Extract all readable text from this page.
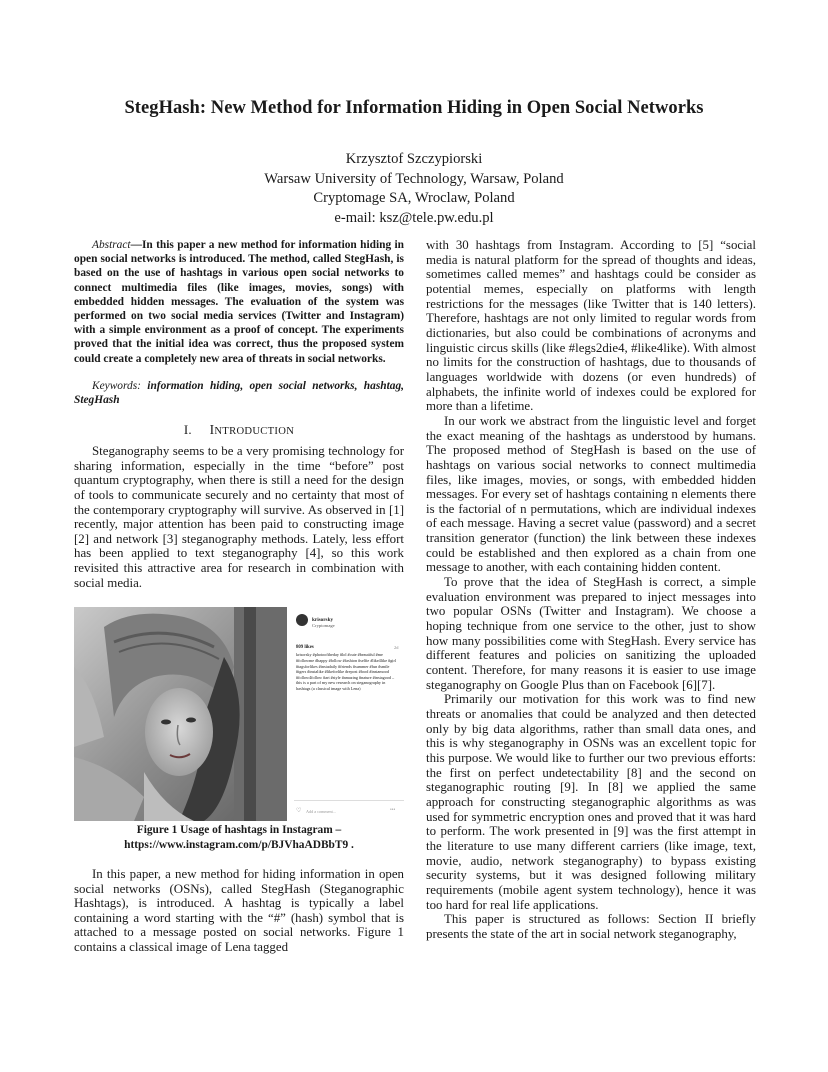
StegHash: New Method for Information Hiding in Open Social Networks
Krzysztof Szczypiorski
Warsaw University of Technology, Warsaw, Poland
Cryptomage SA, Wroclaw, Poland
e-mail: ksz@tele.pw.edu.pl

Abstract—In this paper a new method for information hiding in open social networks is introduced. The method, called StegHash, is based on the use of hashtags in various open social networks to connect multimedia files (like images, movies, songs) with embedded hidden messages. The evaluation of the system was performed on two social media services (Twitter and Instagram) with a simple environment as a proof of concept. The experiments proved that the initial idea was correct, thus the proposed system could create a completely new area of threats in social networks.

Keywords: information hiding, open social networks, hashtag, StegHash

I. INTRODUCTION

Steganography seems to be a very promising technology for sharing information, especially in the time “before” post quantum cryptography, when there is still a need for the design of tools to communicate securely and no certainty that most of the contemporary cryptography will survive. As observed in [1] recently, major attention has been paid to constructing image [2] and network [3] steganography methods. Lately, less effort has been applied to text steganography [4], so this work revisited this attractive area for research in combination with social media.

krisorsky
Cryptomage
809 likes	2d
krisorsky #photooftheday #lol #cute #beautiful #me #followme #happy #follow #fashion #selfie #like4like #girl #tagsforlikes #instadaily #friends #summer #fun #smile #igers #instalike #likeforlike #repost #food #instamood #follow4follow #art #style #amazing #nature #instagood – this is a part of my new research on steganography in hashtags (a classical image with Lena)
♡ Add a comment...	•••
Figure 1 Usage of hashtags in Instagram –
https://www.instagram.com/p/BJVhaADBbT9 .

In this paper, a new method for hiding information in open social networks (OSNs), called StegHash (Steganographic Hashtags), is introduced. A hashtag is typically a label containing a word starting with the “#” (hash) symbol that is attached to a message posted on social networks. Figure 1 contains a classical image of Lena tagged

with 30 hashtags from Instagram. According to [5] “social media is natural platform for the spread of thoughts and ideas, sometimes called memes” and hashtags could be consider as potential memes, especially on platforms with length restrictions for the messages (like Twitter that is 140 letters). Therefore, hashtags are not only limited to regular words from dictionaries, but also could be combinations of acronyms and linguistic circus skills (like #legs2die4, #like4like). With almost no limits for the construction of hashtags, due to thousands of languages worldwide with dozens (or even hundreds) of alphabets, the infinite world of indexes could be explored for more than a lifetime.

In our work we abstract from the linguistic level and forget the exact meaning of the hashtags as understood by humans. The proposed method of StegHash is based on the use of hashtags on various social networks to connect multimedia files, like images, movies, or songs, with embedded hidden messages. For every set of hashtags containing n elements there is the factorial of n permutations, which are individual indexes of each message. Having a secret value (password) and a secret transition generator (function) the link between these indexes could be established and then explored as a chain from one message to another, with each containing hidden content.

To prove that the idea of StegHash is correct, a simple evaluation environment was prepared to inject messages into two popular OSNs (Twitter and Instagram). We choose a hoping technique from one service to the other, just to show how many possibilities come with StegHash. Every service has different features and policies on sanitizing the uploaded content. Therefore, for many reasons it is easier to use image steganography on Google Plus than on Facebook [6][7].

Primarily our motivation for this work was to find new threats or anomalies that could be analyzed and then detected only by big data algorithms, rather than small data ones, and this is why steganography in OSNs was an excellent topic for this purpose. We would like to further our two previous efforts: the first on perfect undetectability [8] and the second on steganographic routing [9]. In [8] we applied the same approach for constructing steganographic algorithms as was used for symmetric encryption ones and proved that it was hard to perform. The work presented in [9] was the first attempt in the literature to use many different carriers (like image, text, movie, audio, network steganography) to bypass existing security systems, but it was designed following military requirements (mobile agent system technology), hence it was too hard for real life applications.

This paper is structured as follows: Section II briefly presents the state of the art in social network steganography,
